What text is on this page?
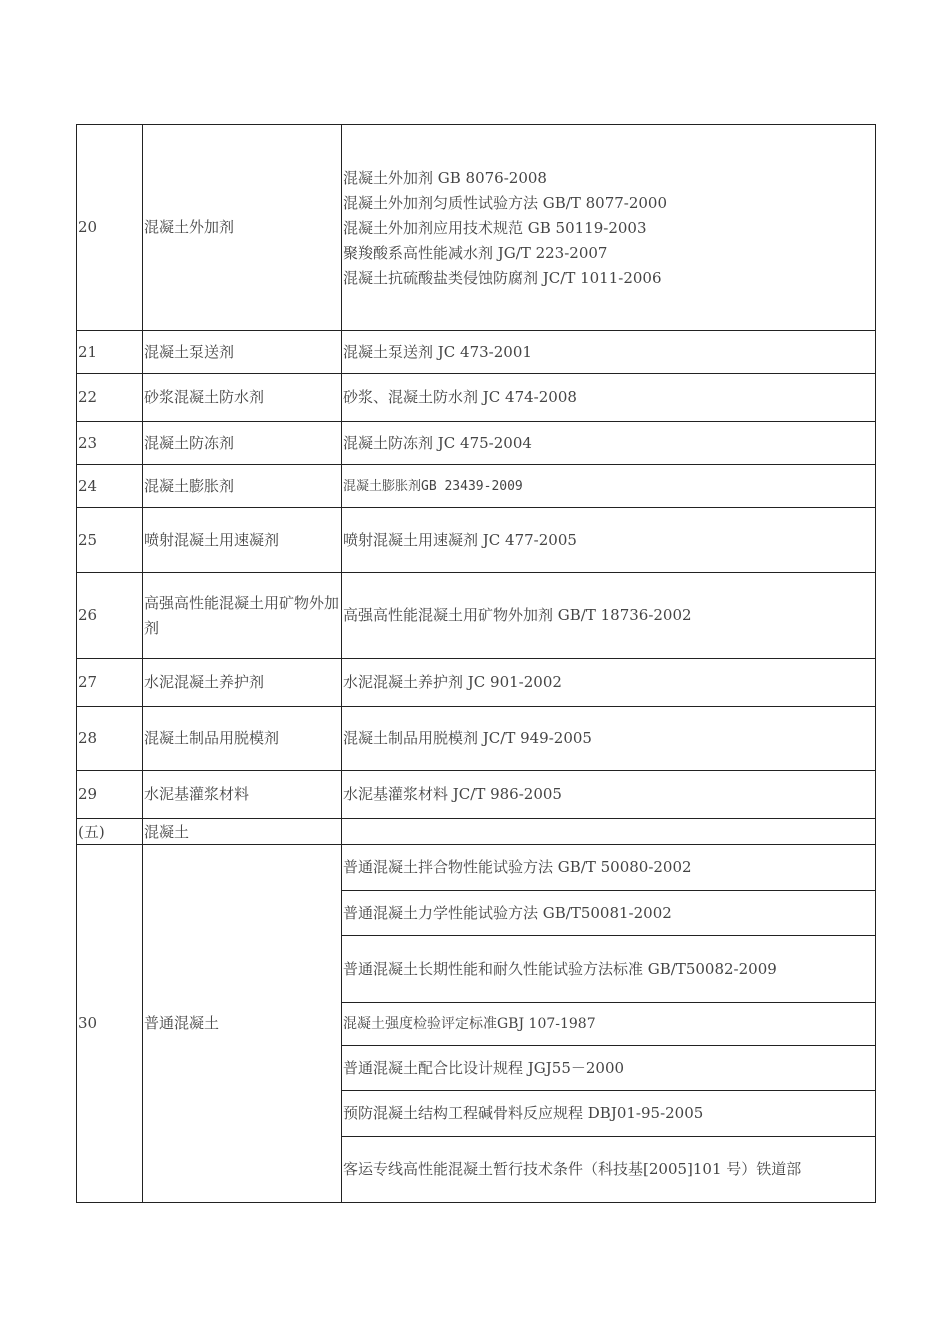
20	混凝土外加剂	混凝土外加剂 GB 8076-2008
混凝土外加剂匀质性试验方法 GB/T 8077-2000
混凝土外加剂应用技术规范 GB 50119-2003
聚羧酸系高性能减水剂 JG/T 223-2007
混凝土抗硫酸盐类侵蚀防腐剂 JC/T 1011-2006

21	混凝土泵送剂	混凝土泵送剂 JC 473-2001
22	砂浆混凝土防水剂	砂浆、混凝土防水剂 JC 474-2008
23	混凝土防冻剂	混凝土防冻剂 JC 475-2004
24	混凝土膨胀剂	混凝土膨胀剂GB 23439-2009
25	喷射混凝土用速凝剂	喷射混凝土用速凝剂 JC 477-2005
26	高强高性能混凝土用矿物外加剂	高强高性能混凝土用矿物外加剂 GB/T 18736-2002
27	水泥混凝土养护剂	水泥混凝土养护剂 JC 901-2002
28	混凝土制品用脱模剂	混凝土制品用脱模剂 JC/T 949-2005
29	水泥基灌浆材料	水泥基灌浆材料 JC/T 986-2005
(五)	混凝土	
30	普通混凝土	普通混凝土拌合物性能试验方法 GB/T 50080-2002
		普通混凝土力学性能试验方法 GB/T50081-2002
		普通混凝土长期性能和耐久性能试验方法标准 GB/T50082-2009
		混凝土强度检验评定标准GBJ 107-1987
		普通混凝土配合比设计规程 JGJ55－2000
		预防混凝土结构工程碱骨料反应规程 DBJ01-95-2005
		客运专线高性能混凝土暂行技术条件（科技基[2005]101 号）铁道部
